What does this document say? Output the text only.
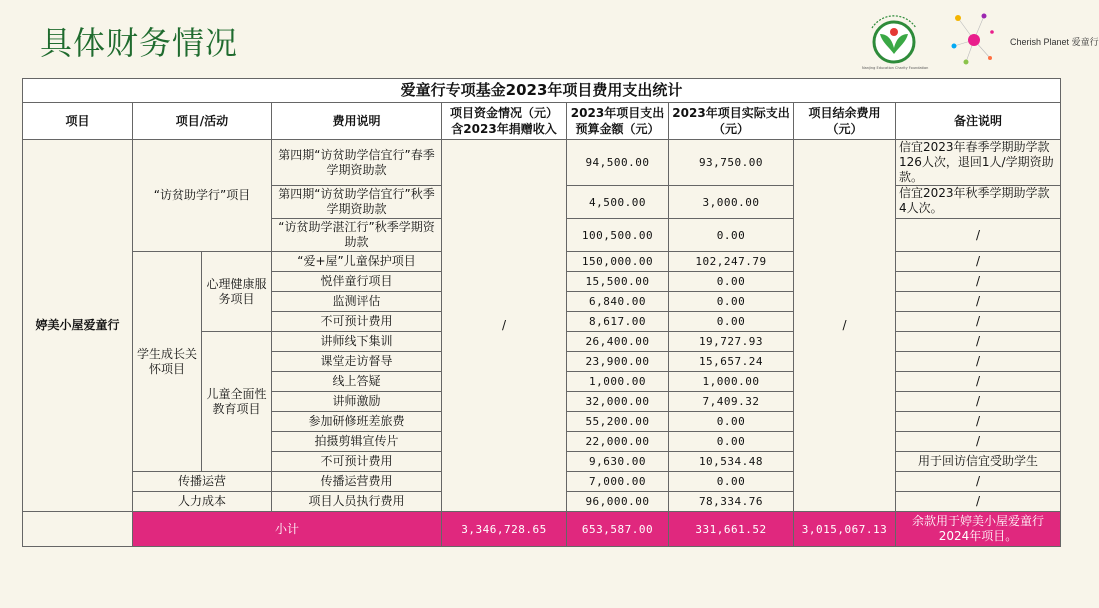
具体财务情况
Nanjing Education Charity Foundation
Cherish Planet 爱童行
爱童行专项基金2023年项目费用支出统计								
项目	项目/活动		费用说明	项目资金情况（元）含2023年捐赠收入	2023年项目支出预算金额（元）	2023年项目实际支出（元）	项目结余费用（元）	备注说明
婷美小屋爱童行	“访贫助学行”项目		第四期“访贫助学信宜行”春季学期资助款	/	94,500.00	93,750.00	/	信宜2023年春季学期助学款126人次，退回1人/学期资助款。
			第四期“访贫助学信宜行”秋季学期资助款		4,500.00	3,000.00		信宜2023年秋季学期助学款4人次。
			“访贫助学湛江行”秋季学期资助款		100,500.00	0.00		/
	学生成长关怀项目	心理健康服务项目	“爱+屋”儿童保护项目		150,000.00	102,247.79		/
			悦伴童行项目		15,500.00	0.00		/
			监测评估		6,840.00	0.00		/
			不可预计费用		8,617.00	0.00		/
		儿童全面性教育项目	讲师线下集训		26,400.00	19,727.93		/
			课堂走访督导		23,900.00	15,657.24		/
			线上答疑		1,000.00	1,000.00		/
			讲师激励		32,000.00	7,409.32		/
			参加研修班差旅费		55,200.00	0.00		/
			拍摄剪辑宣传片		22,000.00	0.00		/
			不可预计费用		9,630.00	10,534.48		用于回访信宜受助学生
	传播运营		传播运营费用		7,000.00	0.00		/
	人力成本		项目人员执行费用		96,000.00	78,334.76		/
	小计			3,346,728.65	653,587.00	331,661.52	3,015,067.13	余款用于婷美小屋爱童行2024年项目。
